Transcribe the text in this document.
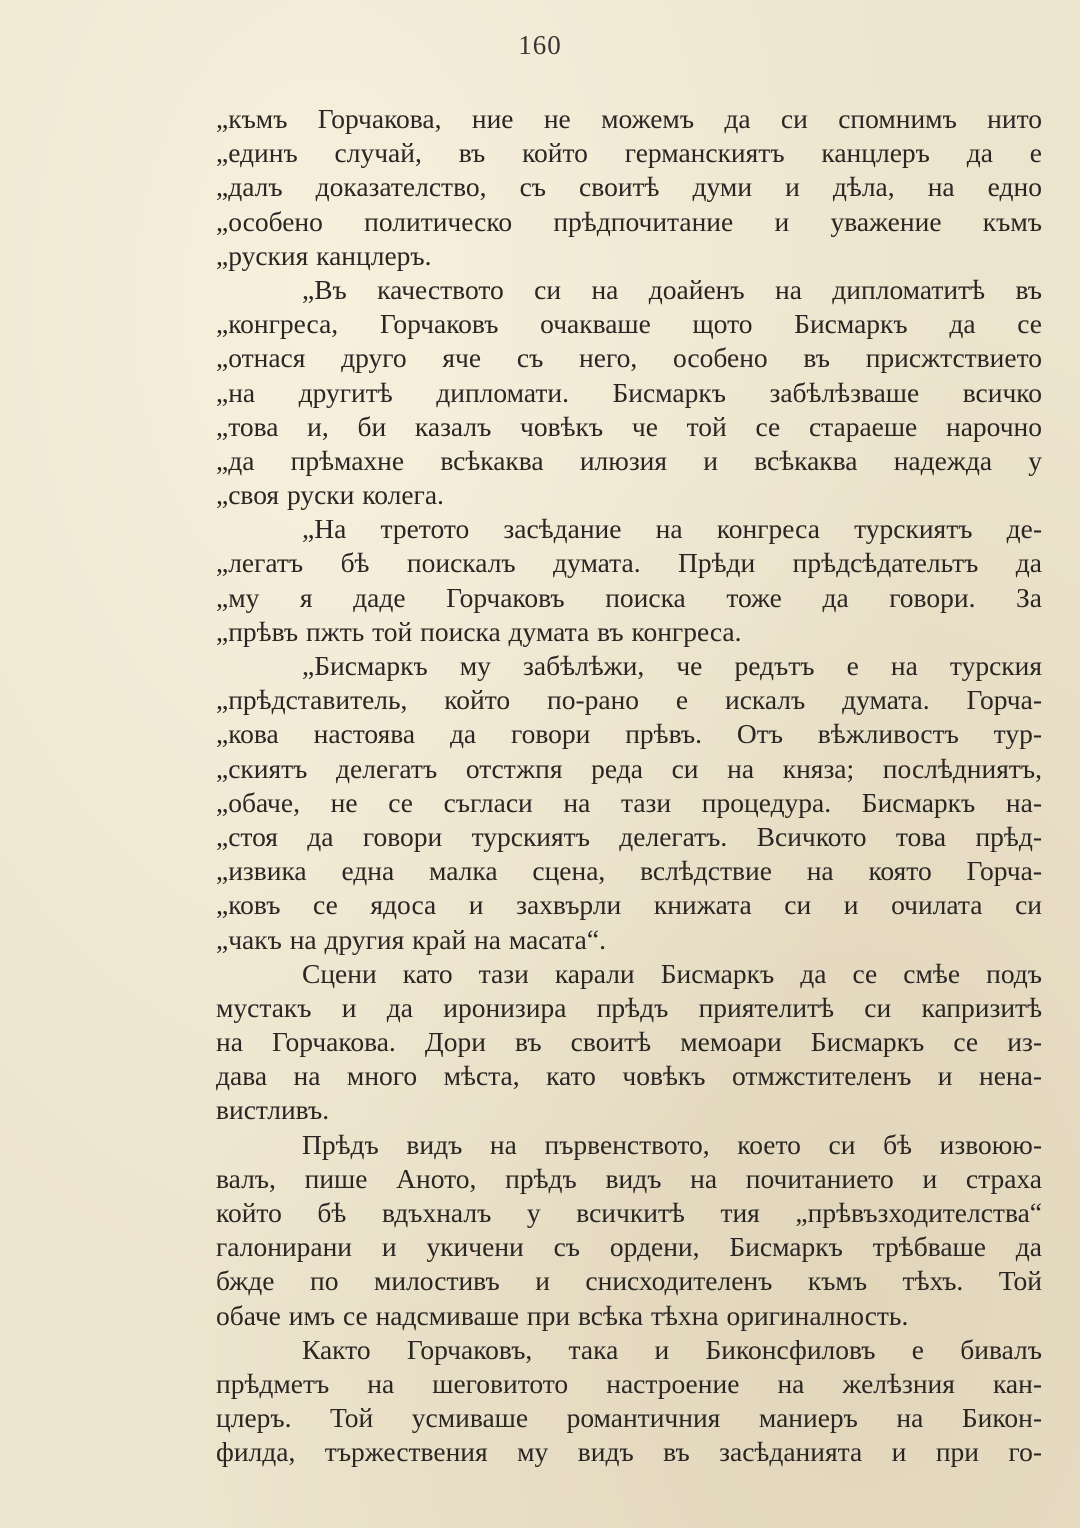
160
„къмъ Горчакова, ние не можемъ да си спомнимъ нито
„единъ случай, въ който германскиятъ канцлеръ да е
„далъ доказателство, съ своитѣ думи и дѣла, на едно
„особено политическо прѣдпочитание и уважение къмъ
„руския канцлеръ.
„Въ качеството си на доайенъ на дипломатитѣ въ
„конгреса, Горчаковъ очакваше щото Бисмаркъ да се
„отнася друго яче съ него, особено въ присжтствието
„на другитѣ дипломати. Бисмаркъ забѣлѣзваше всичко
„това и, би казалъ човѣкъ че той се стараеше нарочно
„да прѣмахне всѣкаква илюзия и всѣкаква надежда у
„своя руски колега.
„На третото засѣдание на конгреса турскиятъ де-
„легатъ бѣ поискалъ думата. Прѣди прѣдсѣдательтъ да
„му я даде Горчаковъ поиска тоже да говори. За
„прѣвъ пжть той поиска думата въ конгреса.
„Бисмаркъ му забѣлѣжи, че редътъ е на турския
„прѣдставитель, който по-рано е искалъ думата. Горча-
„кова настоява да говори прѣвъ. Отъ вѣжливостъ тур-
„скиятъ делегатъ отстжпя реда си на княза; послѣдниятъ,
„обаче, не се съгласи на тази процедура. Бисмаркъ на-
„стоя да говори турскиятъ делегатъ. Всичкото това прѣд-
„извика една малка сцена, вслѣдствие на която Горча-
„ковъ се ядоса и захвърли книжата си и очилата си
„чакъ на другия край на масата“.
Сцени като тази карали Бисмаркъ да се смѣе подъ
мустакъ и да иронизира прѣдъ приятелитѣ си капризитѣ
на Горчакова. Дори въ своитѣ мемоари Бисмаркъ се из-
дава на много мѣста, като човѣкъ отмжстителенъ и нена-
вистливъ.
Прѣдъ видъ на първенството, което си бѣ извоюю-
валъ, пише Аното, прѣдъ видъ на почитанието и страха
който бѣ вдъхналъ у всичкитѣ тия „прѣвъзходителства“
галонирани и укичени съ ордени, Бисмаркъ трѣбваше да
бжде по милостивъ и снисходителенъ къмъ тѣхъ. Той
обаче имъ се надсмиваше при всѣка тѣхна оригиналность.
Както Горчаковъ, така и Биконсфиловъ е бивалъ
прѣдметъ на шеговитото настроение на желѣзния кан-
цлеръ. Той усмиваше романтичния маниеръ на Бикон-
филда, тържествения му видъ въ засѣданията и при го-
